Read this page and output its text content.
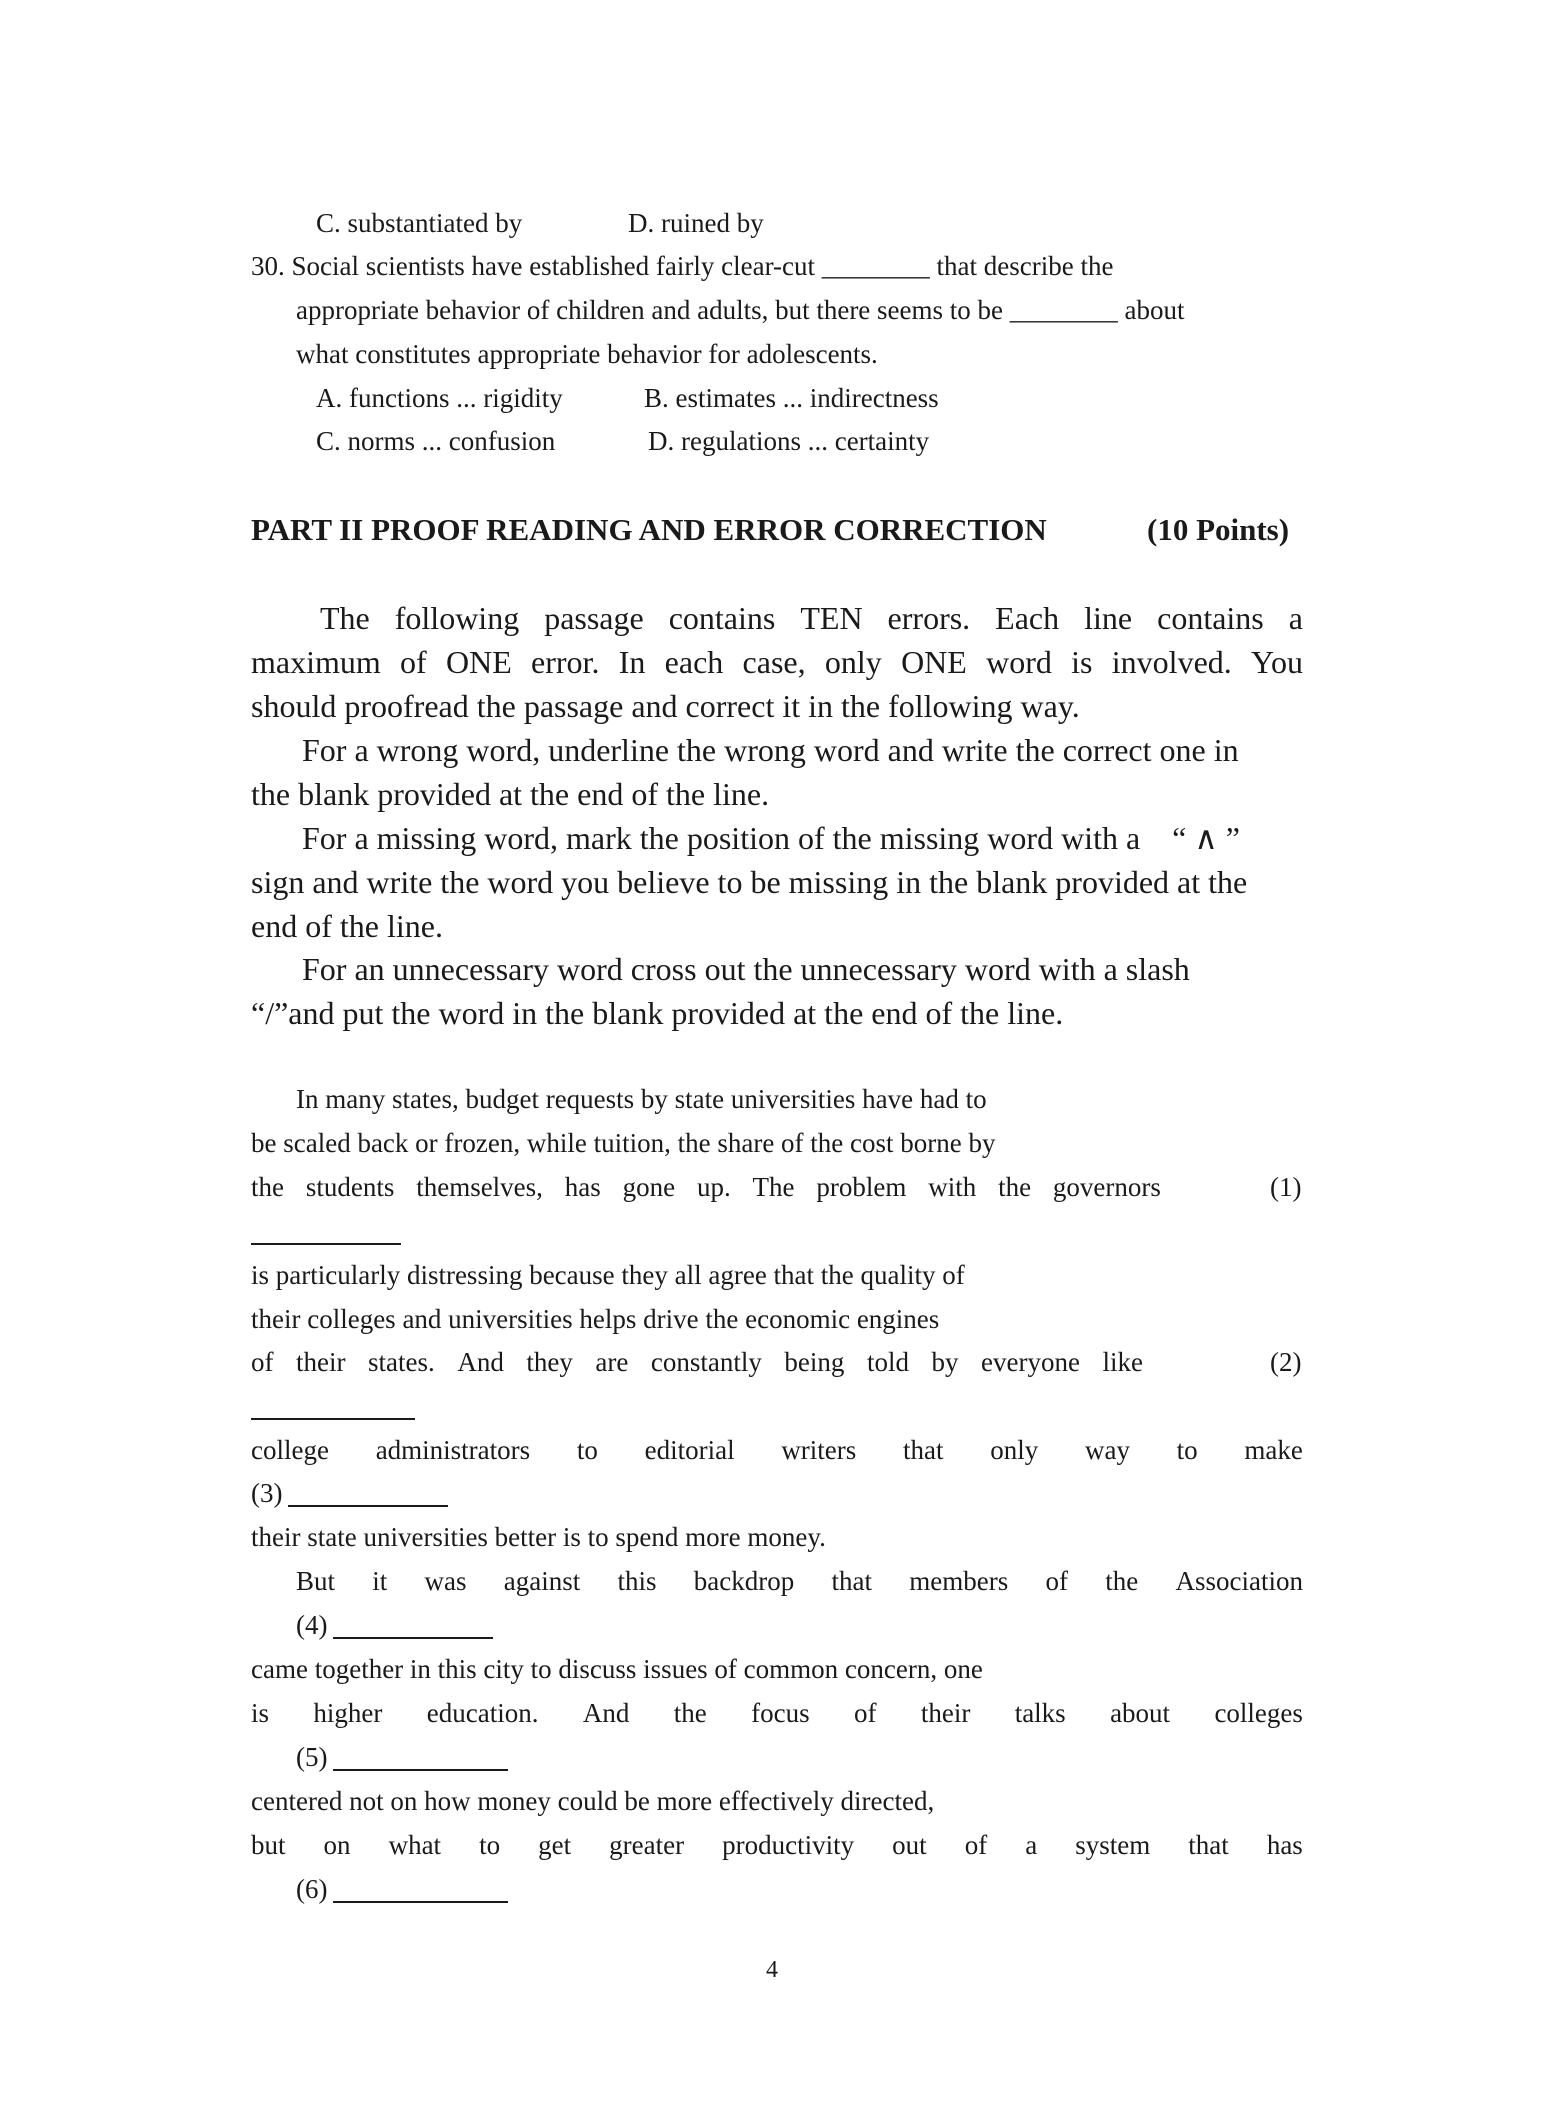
C. substantiated by	D. ruined by
30. Social scientists have established fairly clear-cut ________ that describe the
appropriate behavior of children and adults, but there seems to be ________ about
what constitutes appropriate behavior for adolescents.
A. functions ... rigidity	B. estimates ... indirectness
C. norms ... confusion	D. regulations ... certainty
PART II PROOF READING AND ERROR CORRECTION	(10 Points)
The following passage contains TEN errors. Each line contains a
maximum of ONE error. In each case, only ONE word is involved. You
should proofread the passage and correct it in the following way.
For a wrong word, underline the wrong word and write the correct one in
the blank provided at the end of the line.
For a missing word, mark the position of the missing word with a    “ ∧ ”
sign and write the word you believe to be missing in the blank provided at the
end of the line.
For an unnecessary word cross out the unnecessary word with a slash
“/”and put the word in the blank provided at the end of the line.
In many states, budget requests by state universities have had to
be scaled back or frozen, while tuition, the share of the cost borne by
the students themselves, has gone up. The problem with the governors	(1)
is particularly distressing because they all agree that the quality of
their colleges and universities helps drive the economic engines
of their states. And they are constantly being told by everyone like	(2)
college administrators to editorial writers that only way to make
(3)
their state universities better is to spend more money.
But it was against this backdrop that members of the Association
(4)
came together in this city to discuss issues of common concern, one
is higher education. And the focus of their talks about colleges
(5)
centered not on how money could be more effectively directed,
but on what to get greater productivity out of a system that has
(6)
4
